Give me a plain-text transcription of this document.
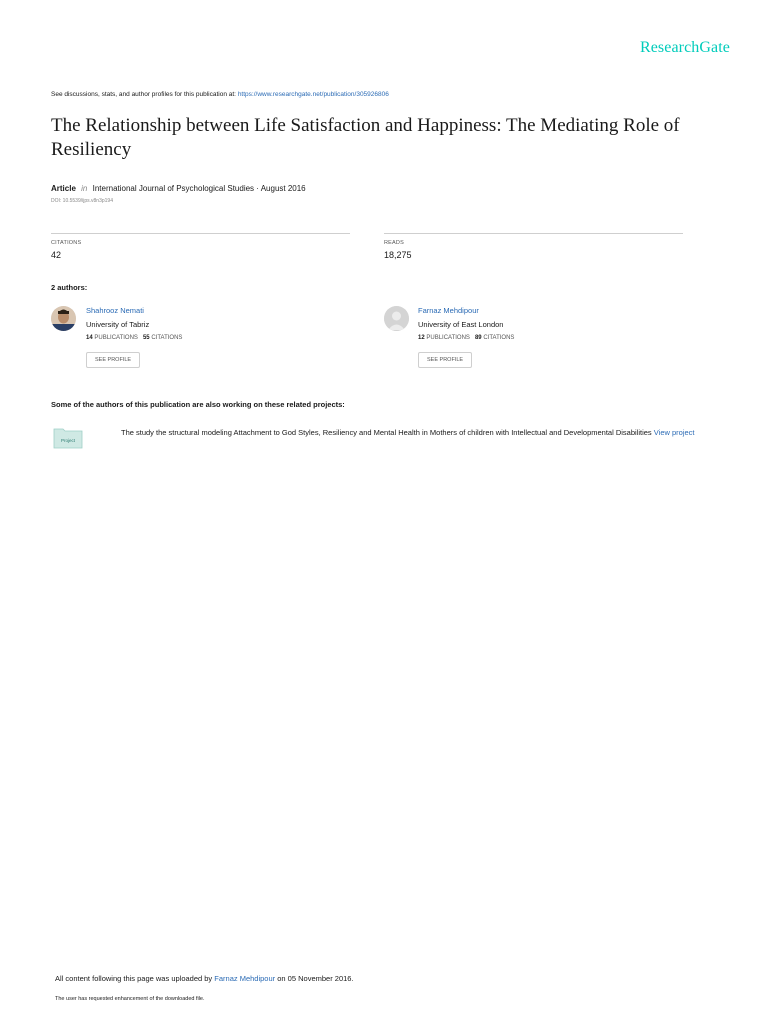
ResearchGate
See discussions, stats, and author profiles for this publication at: https://www.researchgate.net/publication/305926806
The Relationship between Life Satisfaction and Happiness: The Mediating Role of Resiliency
Article in International Journal of Psychological Studies · August 2016
DOI: 10.5539/ijps.v8n3p194
CITATIONS
42
READS
18,275
2 authors:
Shahrooz Nemati
University of Tabriz
14 PUBLICATIONS 55 CITATIONS
SEE PROFILE
Farnaz Mehdipour
University of East London
12 PUBLICATIONS 89 CITATIONS
SEE PROFILE
Some of the authors of this publication are also working on these related projects:
Project
The study the structural modeling Attachment to God Styles, Resiliency and Mental Health in Mothers of children with Intellectual and Developmental Disabilities View project
All content following this page was uploaded by Farnaz Mehdipour on 05 November 2016.
The user has requested enhancement of the downloaded file.
